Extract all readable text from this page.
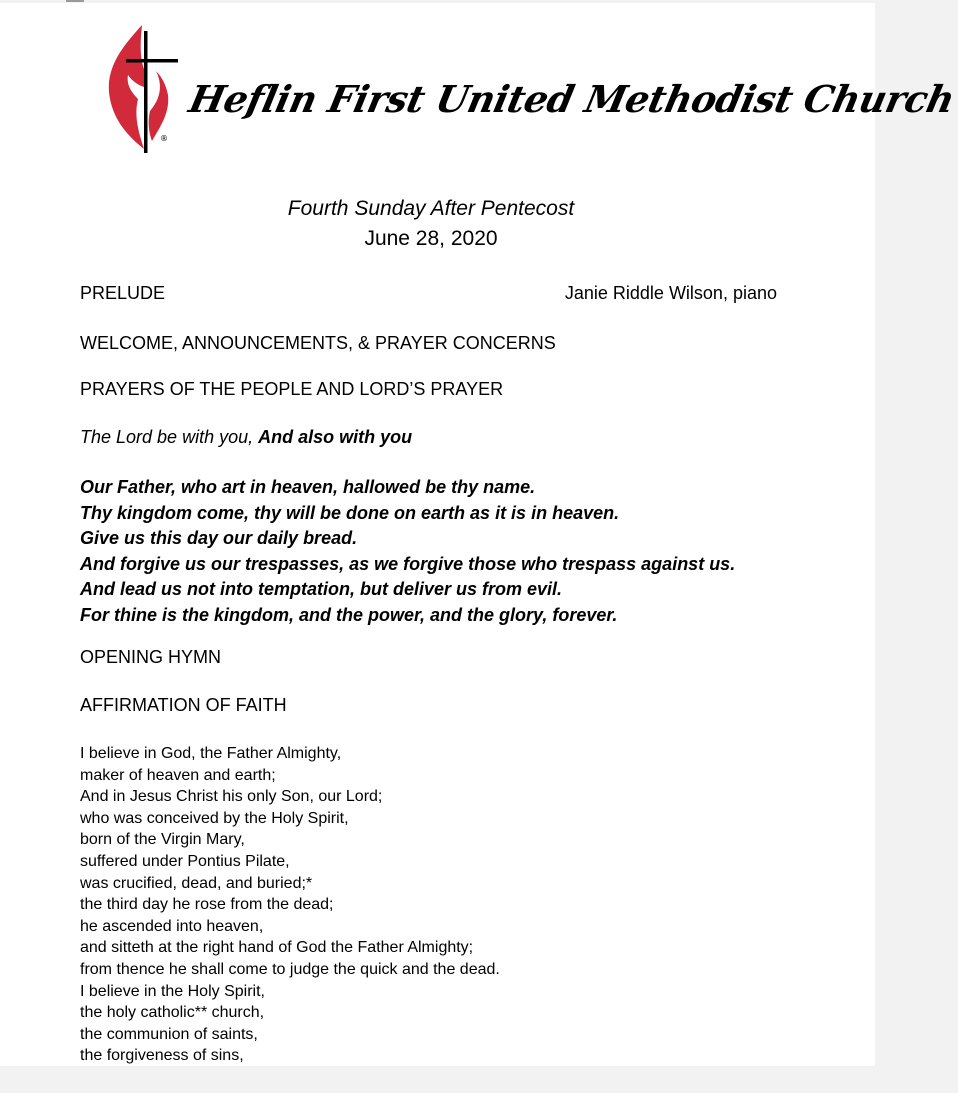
®
Heflin First United Methodist Church
Fourth Sunday After Pentecost
June 28, 2020
PRELUDE	Janie Riddle Wilson, piano
WELCOME, ANNOUNCEMENTS, & PRAYER CONCERNS
PRAYERS OF THE PEOPLE AND LORD’S PRAYER
The Lord be with you, And also with you
Our Father, who art in heaven, hallowed be thy name.
Thy kingdom come, thy will be done on earth as it is in heaven.
Give us this day our daily bread.
And forgive us our trespasses, as we forgive those who trespass against us.
And lead us not into temptation, but deliver us from evil.
For thine is the kingdom, and the power, and the glory, forever.
OPENING HYMN
AFFIRMATION OF FAITH
I believe in God, the Father Almighty,
maker of heaven and earth;
And in Jesus Christ his only Son, our Lord;
who was conceived by the Holy Spirit,
born of the Virgin Mary,
suffered under Pontius Pilate,
was crucified, dead, and buried;*
the third day he rose from the dead;
he ascended into heaven,
and sitteth at the right hand of God the Father Almighty;
from thence he shall come to judge the quick and the dead.
I believe in the Holy Spirit,
the holy catholic** church,
the communion of saints,
the forgiveness of sins,
